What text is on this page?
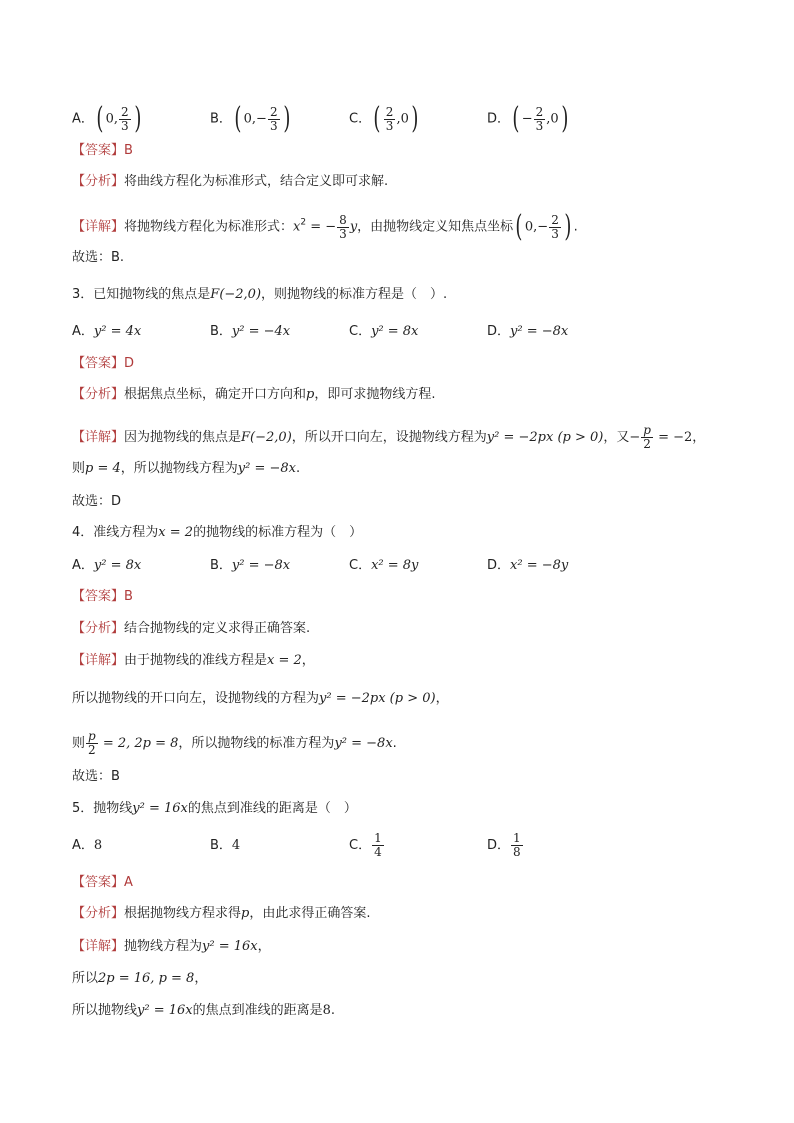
A．( 0, $\frac{2}{3}$ )	B．( $0,- \frac{2}{3}$ )	C．( $\frac{2}{3} ,0$)	D．( − $\frac{2}{3} ,0$)
【答案】B
【分析】将曲线方程化为标准形式，结合定义即可求解.
【详解】将抛物线方程化为标准形式：$x^2$ = − $\frac{8}{3}$ y，由抛物线定义知焦点坐标( $0,- \frac{2}{3}$ ) .
故选：B.
3．已知抛物线的焦点是F(−2,0)，则抛物线的标准方程是（　）.
A．y² = 4x	B．y² = −4x	C．y² = 8x	D．y² = −8x
【答案】D
【分析】根据焦点坐标，确定开口方向和p，即可求抛物线方程.
【详解】因为抛物线的焦点是F(−2,0)，所以开口向左，设抛物线方程为y² = −2px (p > 0)，又− $\frac{p}{2} = -2$，
则p = 4，所以抛物线方程为y² = −8x.
故选：D
4．准线方程为x = 2的抛物线的标准方程为（　）
A．y² = 8x	B．y² = −8x	C．x² = 8y	D．x² = −8y
【答案】B
【分析】结合抛物线的定义求得正确答案.
【详解】由于抛物线的准线方程是x = 2，
所以抛物线的开口向左，设抛物线的方程为y² = −2px (p > 0)，
则 $\frac{p}{2} = 2$, 2p = 8，所以抛物线的标准方程为y² = −8x.
故选：B
5．抛物线y² = 16x的焦点到准线的距离是（　）
A．8	B．4	C． $\frac{1}{4}$	D． $\frac{1}{8}$
【答案】A
【分析】根据抛物线方程求得p，由此求得正确答案.
【详解】抛物线方程为y² = 16x，
所以2p = 16, p = 8，
所以抛物线y² = 16x的焦点到准线的距离是8.
